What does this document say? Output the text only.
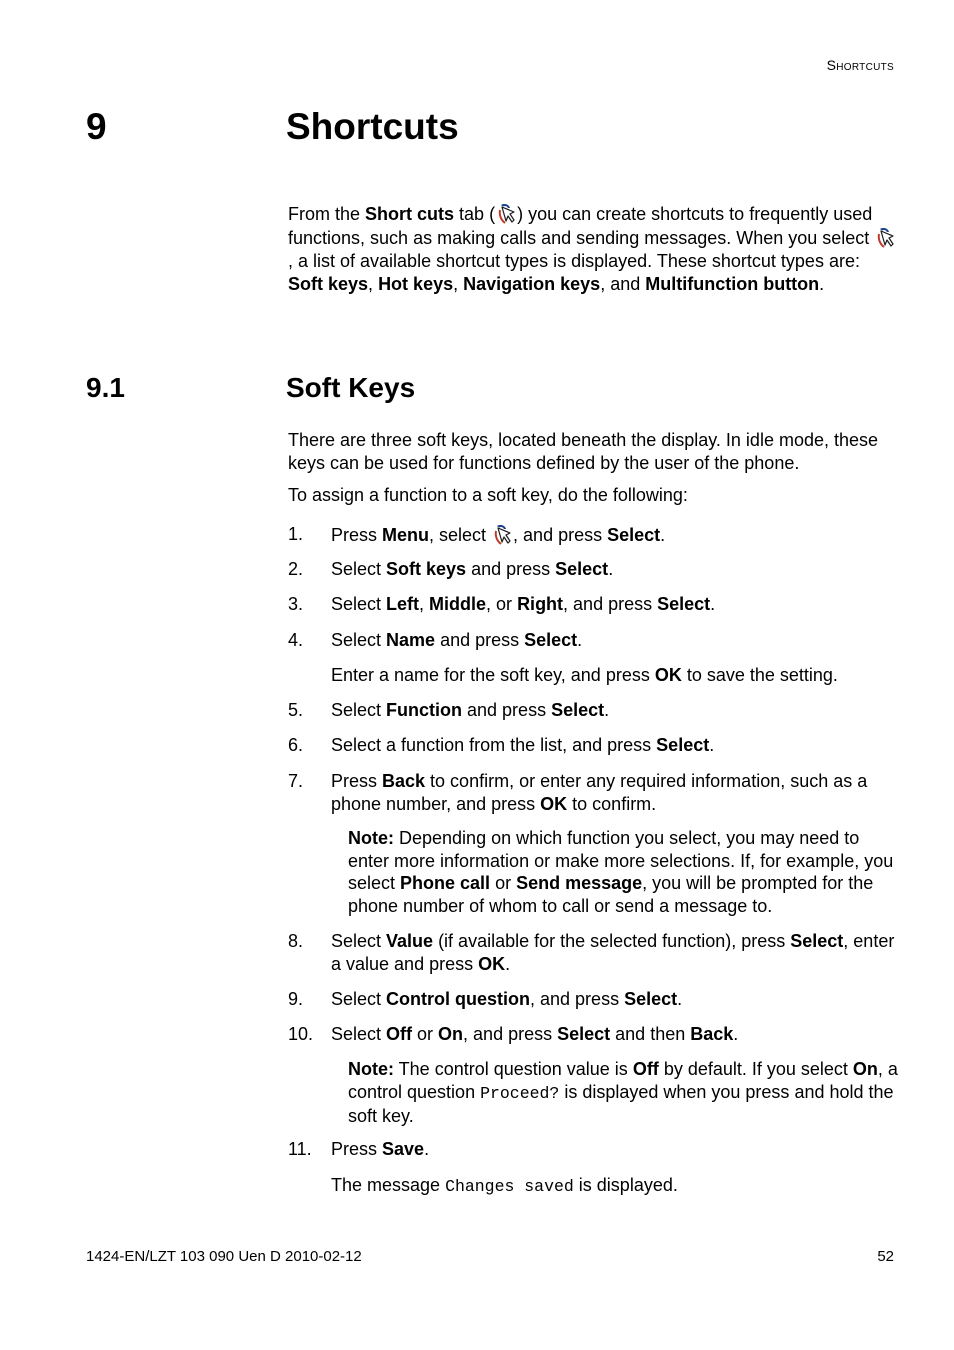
Shortcuts
9	Shortcuts
From the Short cuts tab ( ) you can create shortcuts to frequently used functions, such as making calls and sending messages. When you select , a list of available shortcut types is displayed. These shortcut types are: Soft keys, Hot keys, Navigation keys, and Multifunction button.
9.1	Soft Keys
There are three soft keys, located beneath the display. In idle mode, these keys can be used for functions defined by the user of the phone.
To assign a function to a soft key, do the following:
1. Press Menu, select , and press Select.
2. Select Soft keys and press Select.
3. Select Left, Middle, or Right, and press Select.
4. Select Name and press Select.
Enter a name for the soft key, and press OK to save the setting.
5. Select Function and press Select.
6. Select a function from the list, and press Select.
7. Press Back to confirm, or enter any required information, such as a phone number, and press OK to confirm.
Note: Depending on which function you select, you may need to enter more information or make more selections. If, for example, you select Phone call or Send message, you will be prompted for the phone number of whom to call or send a message to.
8. Select Value (if available for the selected function), press Select, enter a value and press OK.
9. Select Control question, and press Select.
10. Select Off or On, and press Select and then Back.
Note: The control question value is Off by default. If you select On, a control question Proceed? is displayed when you press and hold the soft key.
11. Press Save.
The message Changes saved is displayed.
1424-EN/LZT 103 090 Uen D 2010-02-12	52
